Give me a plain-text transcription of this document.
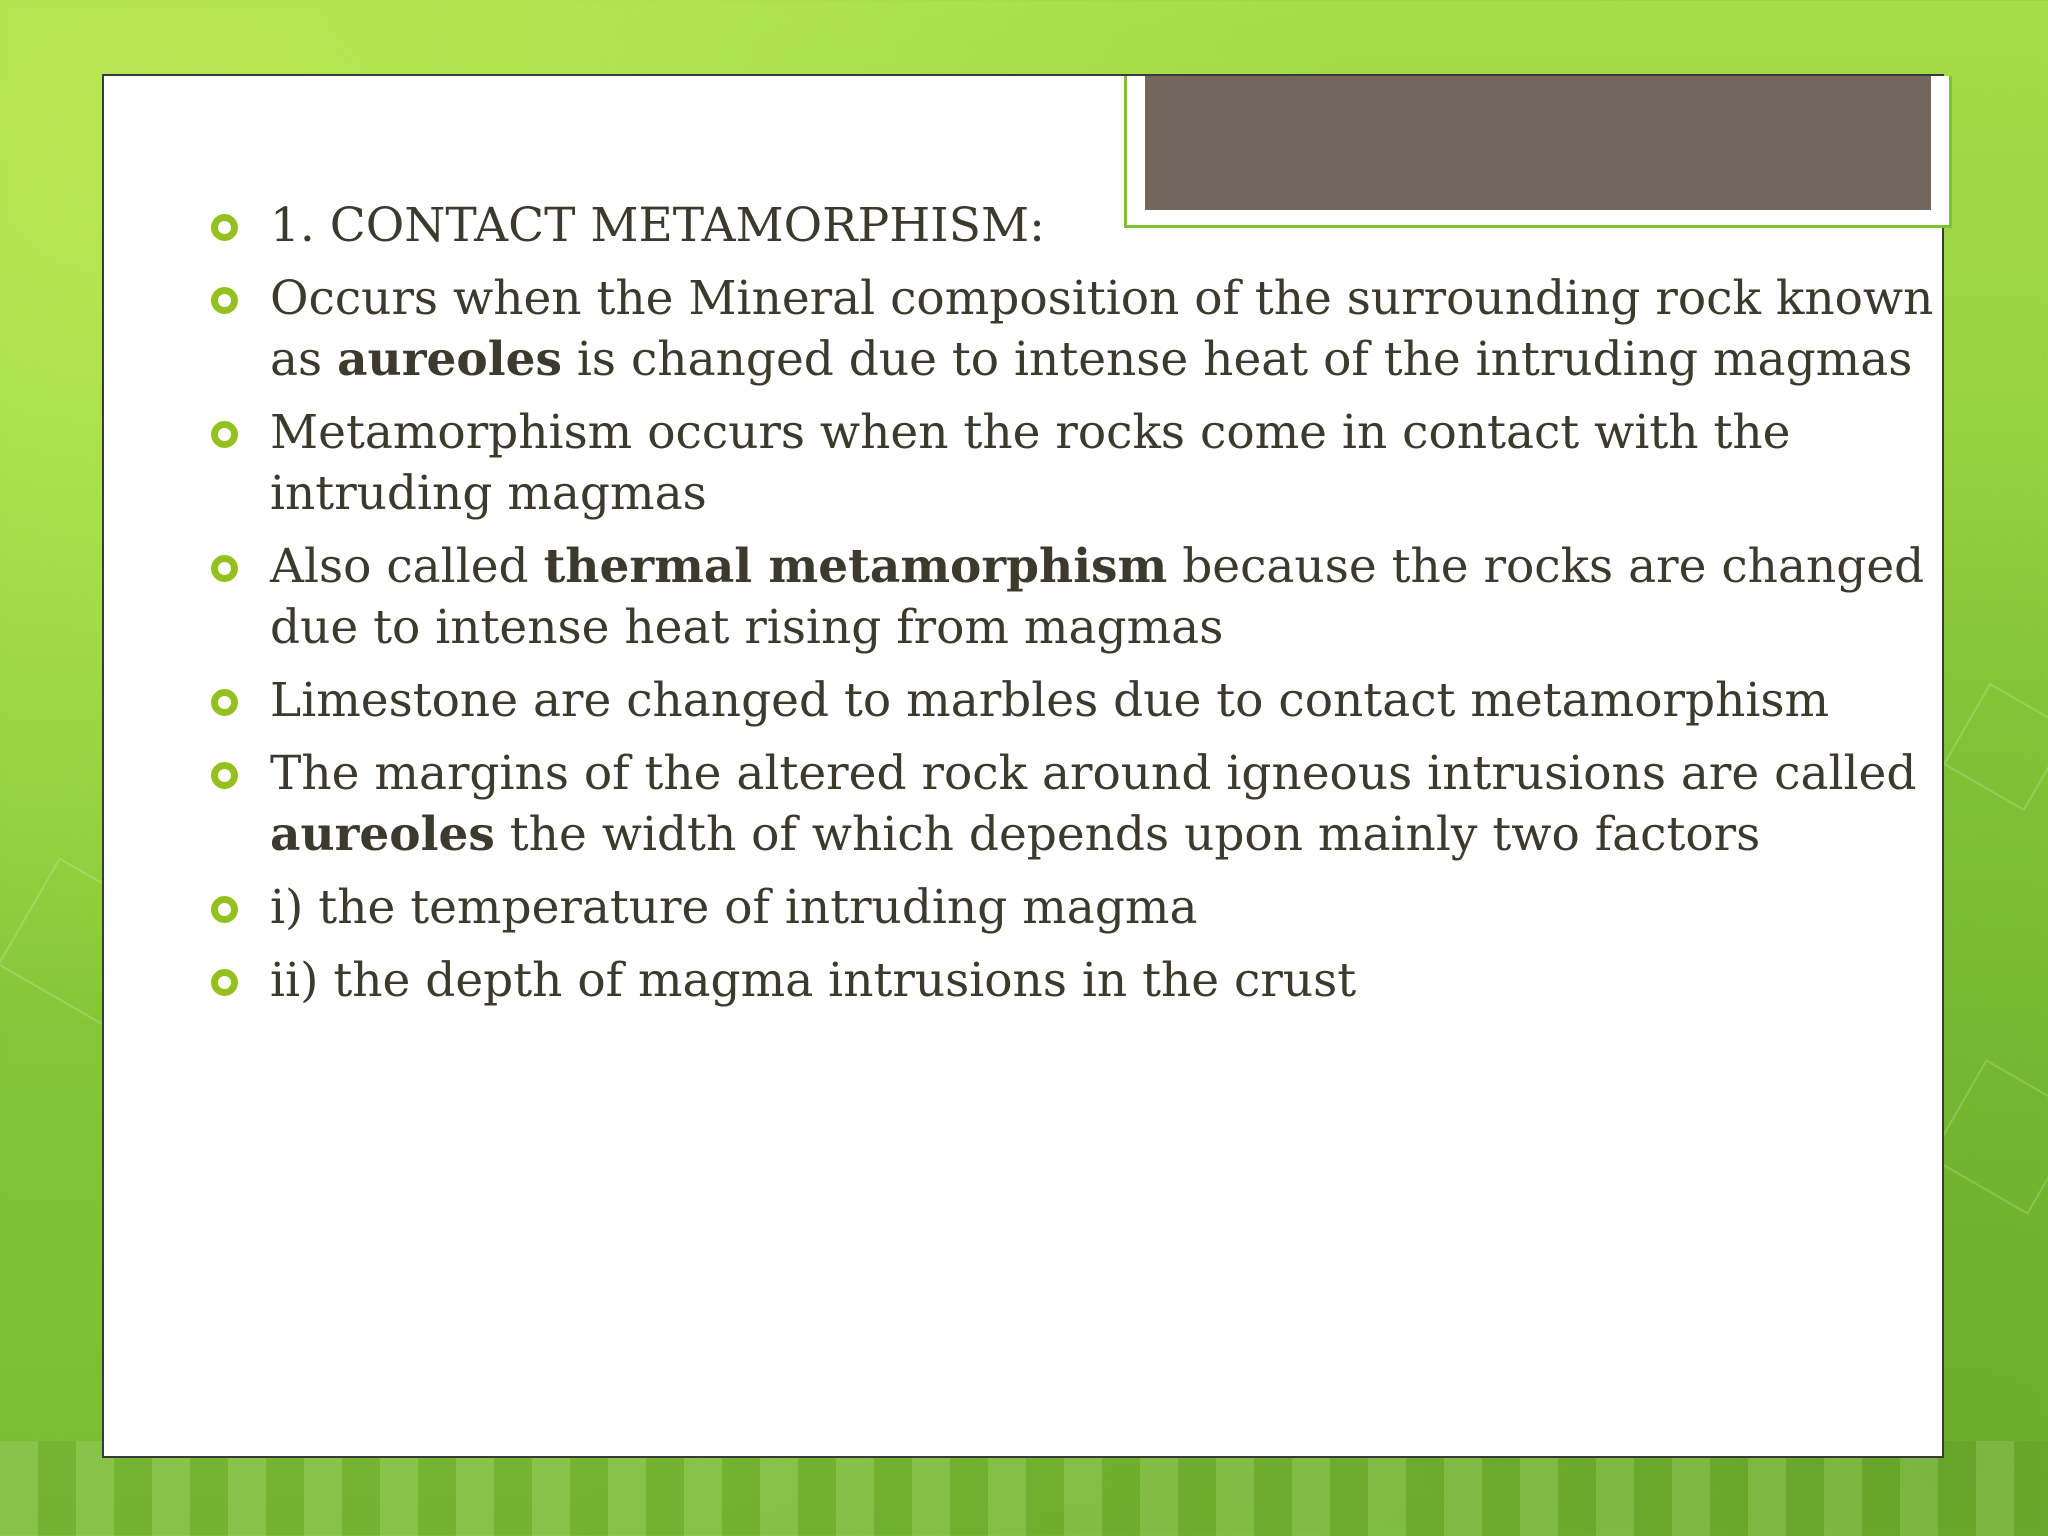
1. CONTACT METAMORPHISM:
Occurs when the Mineral composition of the surrounding rock known
as aureoles is changed due to intense heat of the intruding magmas
Metamorphism occurs when the rocks come in contact with the
intruding magmas
Also called thermal metamorphism because the rocks are changed
due to intense heat rising from magmas
Limestone are changed to marbles due to contact metamorphism
The margins of the altered rock around igneous intrusions are called
aureoles the width of which depends upon mainly two factors
i) the temperature of intruding magma
ii) the depth of magma intrusions in the crust
